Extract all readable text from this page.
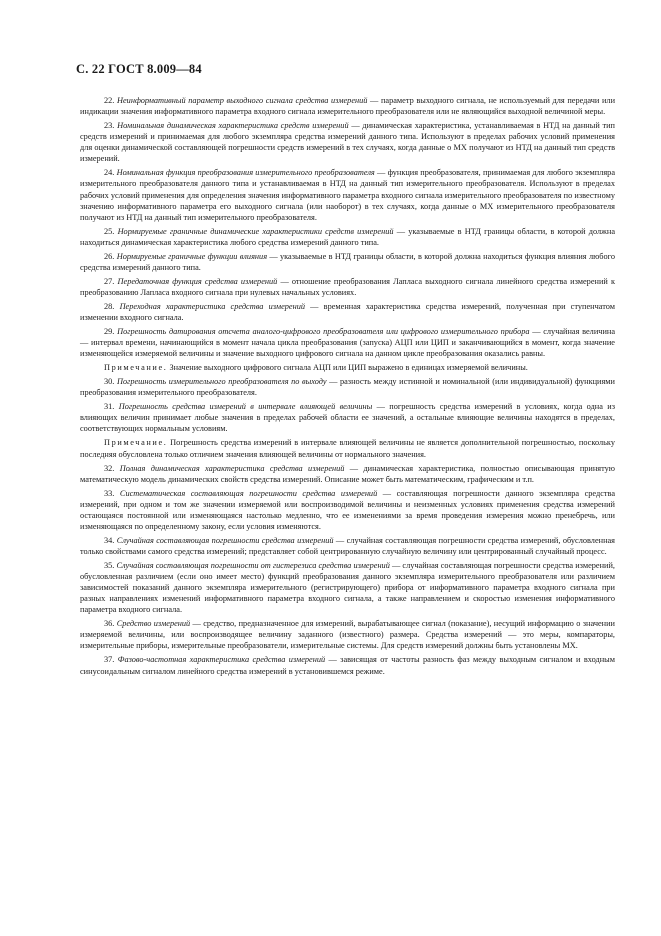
С. 22 ГОСТ 8.009—84

22. Неинформативный параметр выходного сигнала средства измерений — параметр выходного сигнала, не используемый для передачи или индикации значения информативного параметра входного сигнала измерительного преобразователя или не являющийся выходной величиной меры.

23. Номинальная динамическая характеристика средств измерений — динамическая характеристика, устанавливаемая в НТД на данный тип средств измерений и принимаемая для любого экземпляра средства измерений данного типа. Используют в пределах рабочих условий применения для оценки динамической составляющей погрешности средств измерений в тех случаях, когда данные о МХ получают из НТД на данный тип средств измерений.

24. Номинальная функция преобразования измерительного преобразователя — функция преобразователя, принимаемая для любого экземпляра измерительного преобразователя данного типа и устанавливаемая в НТД на данный тип измерительного преобразователя. Используют в пределах рабочих условий применения для определения значения информативного параметра входного сигнала измерительного преобразователя по известному значению информативного параметра его выходного сигнала (или наоборот) в тех случаях, когда данные о МХ измерительного преобразователя получают из НТД на данный тип измерительного преобразователя.

25. Нормируемые граничные динамические характеристики средств измерений — указываемые в НТД границы области, в которой должна находиться динамическая характеристика любого средства измерений данного типа.

26. Нормируемые граничные функции влияния — указываемые в НТД границы области, в которой должна находиться функция влияния любого средства измерений данного типа.

27. Передаточная функция средства измерений — отношение преобразования Лапласа выходного сигнала линейного средства измерений к преобразованию Лапласа входного сигнала при нулевых начальных условиях.

28. Переходная характеристика средства измерений — временная характеристика средства измерений, полученная при ступенчатом изменении входного сигнала.

29. Погрешность датирования отсчета аналого-цифрового преобразователя или цифрового измерительного прибора — случайная величина — интервал времени, начинающийся в момент начала цикла преобразования (запуска) АЦП или ЦИП и заканчивающийся в момент, когда значение изменяющейся измеряемой величины и значение выходного цифрового сигнала на данном цикле преобразования оказались равны.

Примечание. Значение выходного цифрового сигнала АЦП или ЦИП выражено в единицах измеряемой величины.

30. Погрешность измерительного преобразователя по выходу — разность между истинной и номинальной (или индивидуальной) функциями преобразования измерительного преобразователя.

31. Погрешность средства измерений в интервале влияющей величины — погрешность средства измерений в условиях, когда одна из влияющих величин принимает любые значения в пределах рабочей области ее значений, а остальные влияющие величины находятся в пределах, соответствующих нормальным условиям.

Примечание. Погрешность средства измерений в интервале влияющей величины не является дополнительной погрешностью, поскольку последняя обусловлена только отличием значения влияющей величины от нормального значения.

32. Полная динамическая характеристика средства измерений — динамическая характеристика, полностью описывающая принятую математическую модель динамических свойств средства измерений. Описание может быть математическим, графическим и т.п.

33. Систематическая составляющая погрешности средства измерений — составляющая погрешности данного экземпляра средства измерений, при одном и том же значении измеряемой или воспроизводимой величины и неизменных условиях применения средства измерений остающаяся постоянной или изменяющаяся настолько медленно, что ее изменениями за время проведения измерения можно пренебречь, или изменяющаяся по определенному закону, если условия изменяются.

34. Случайная составляющая погрешности средства измерений — случайная составляющая погрешности средства измерений, обусловленная только свойствами самого средства измерений; представляет собой центрированную случайную величину или центрированный случайный процесс.

35. Случайная составляющая погрешности от гистерезиса средства измерений — случайная составляющая погрешности средства измерений, обусловленная различием (если оно имеет место) функций преобразования данного экземпляра измерительного преобразователя или различием зависимостей показаний данного экземпляра измерительного (регистрирующего) прибора от информативного параметра входного сигнала при разных направлениях изменений информативного параметра входного сигнала, а также направлением и скоростью изменения информативного параметра входного сигнала.

36. Средство измерений — средство, предназначенное для измерений, вырабатывающее сигнал (показание), несущий информацию о значении измеряемой величины, или воспроизводящее величину заданного (известного) размера. Средства измерений — это меры, компараторы, измерительные приборы, измерительные преобразователи, измерительные системы. Для средств измерений должны быть установлены МХ.

37. Фазово-частотная характеристика средства измерений — зависящая от частоты разность фаз между выходным сигналом и входным синусоидальным сигналом линейного средства измерений в установившемся режиме.
